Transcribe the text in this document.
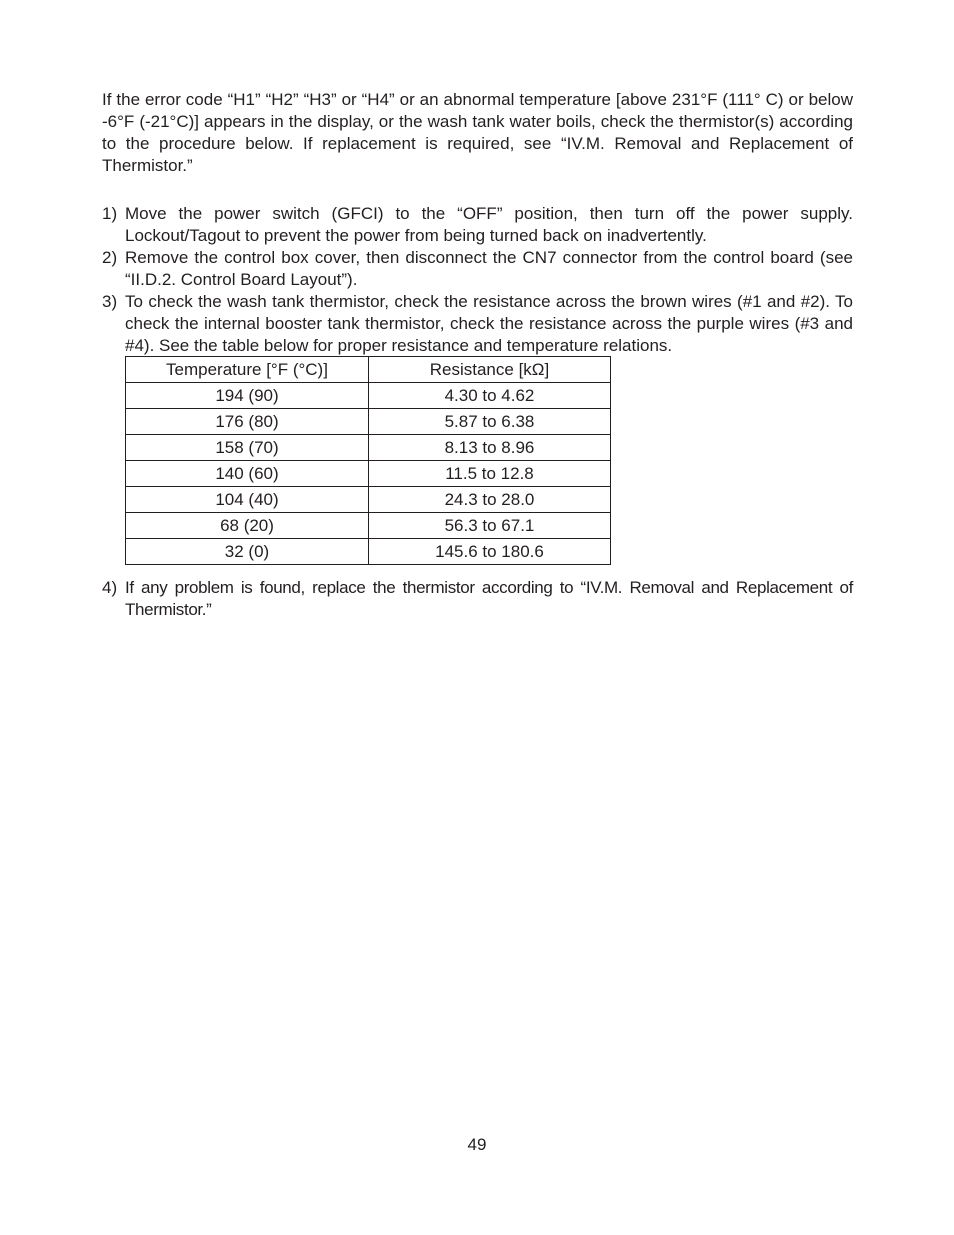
If the error code “H1” “H2” “H3” or “H4” or an abnormal temperature [above 231°F (111° C) or below -6°F (-21°C)] appears in the display, or the wash tank water boils, check the thermistor(s) according to the procedure below. If replacement is required, see “IV.M. Removal and Replacement of Thermistor.”

1) Move the power switch (GFCI) to the “OFF” position, then turn off the power supply. Lockout/Tagout to prevent the power from being turned back on inadvertently.
2) Remove the control box cover, then disconnect the CN7 connector from the control board (see “II.D.2. Control Board Layout”).
3) To check the wash tank thermistor, check the resistance across the brown wires (#1 and #2). To check the internal booster tank thermistor, check the resistance across the purple wires (#3 and #4). See the table below for proper resistance and temperature relations.
Temperature [°F (°C)]	Resistance [kΩ]
194 (90)	4.30 to 4.62
176 (80)	5.87 to 6.38
158 (70)	8.13 to 8.96
140 (60)	11.5 to 12.8
104 (40)	24.3 to 28.0
68 (20)	56.3 to 67.1
32 (0)	145.6 to 180.6
4) If any problem is found, replace the thermistor according to “IV.M. Removal and Replacement of Thermistor.”
49
